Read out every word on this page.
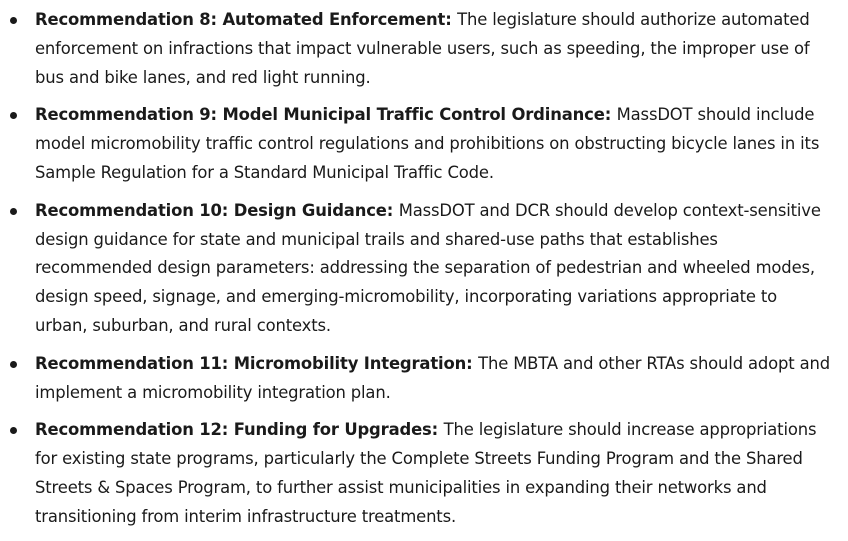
Recommendation 8: Automated Enforcement: The legislature should authorize automated enforcement on infractions that impact vulnerable users, such as speeding, the improper use of bus and bike lanes, and red light running.
Recommendation 9: Model Municipal Traffic Control Ordinance: MassDOT should include model micromobility traffic control regulations and prohibitions on obstructing bicycle lanes in its Sample Regulation for a Standard Municipal Traffic Code.
Recommendation 10: Design Guidance: MassDOT and DCR should develop context-sensitive design guidance for state and municipal trails and shared-use paths that establishes recommended design parameters: addressing the separation of pedestrian and wheeled modes, design speed, signage, and emerging-micromobility, incorporating variations appropriate to urban, suburban, and rural contexts.
Recommendation 11: Micromobility Integration: The MBTA and other RTAs should adopt and implement a micromobility integration plan.
Recommendation 12: Funding for Upgrades: The legislature should increase appropriations for existing state programs, particularly the Complete Streets Funding Program and the Shared Streets & Spaces Program, to further assist municipalities in expanding their networks and transitioning from interim infrastructure treatments.
